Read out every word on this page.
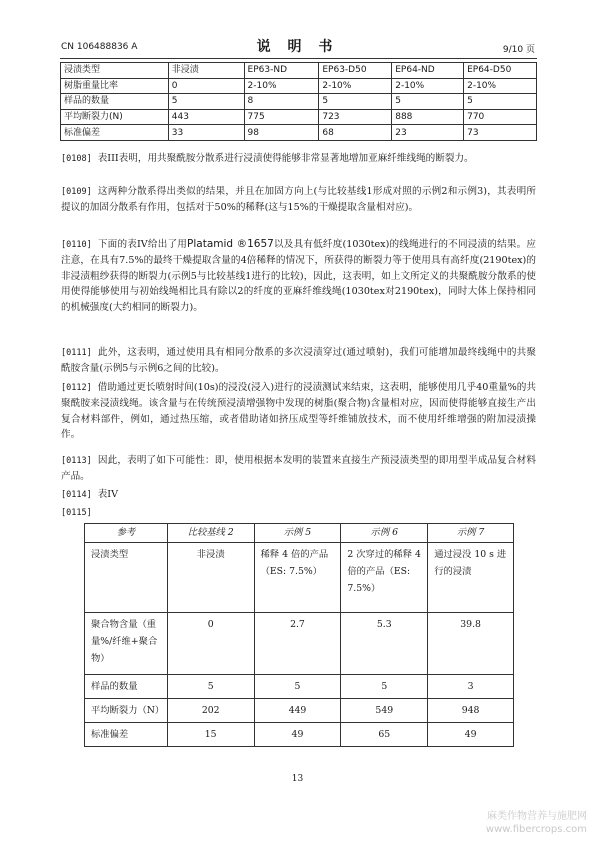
CN 106488836 A	说 明 书	9/10 页
浸渍类型	非浸渍	EP63-ND	EP63-D50	EP64-ND	EP64-D50
树脂重量比率	0	2-10%	2-10%	2-10%	2-10%
样品的数量	5	8	5	5	5
平均断裂力(N)	443	775	723	888	770
标准偏差	33	98	68	23	73
[0108] 表III表明，用共聚酰胺分散系进行浸渍使得能够非常显著地增加亚麻纤维线绳的断裂力。
[0109] 这两种分散系得出类似的结果，并且在加固方向上(与比较基线1形成对照的示例2和示例3)，其表明所提议的加固分散系有作用，包括对于50%的稀释(这与15%的干燥提取含量相对应)。
[0110] 下面的表IV给出了用Platamid ®1657以及具有低纤度(1030tex)的线绳进行的不同浸渍的结果。应注意，在具有7.5%的最终干燥提取含量的4倍稀释的情况下，所获得的断裂力等于使用具有高纤度(2190tex)的非浸渍粗纱获得的断裂力(示例5与比较基线1进行的比较)，因此，这表明，如上文所定义的共聚酰胺分散系的使用使得能够使用与初始线绳相比具有除以2的纤度的亚麻纤维线绳(1030tex对2190tex)，同时大体上保持相同的机械强度(大约相同的断裂力)。
[0111] 此外，这表明，通过使用具有相同分散系的多次浸渍穿过(通过喷射)，我们可能增加最终线绳中的共聚酰胺含量(示例5与示例6之间的比较)。
[0112] 借助通过更长喷射时间(10s)的浸没(浸入)进行的浸渍测试来结束，这表明，能够使用几乎40重量%的共聚酰胺来浸渍线绳。该含量与在传统预浸渍增强物中发现的树脂(聚合物)含量相对应，因而使得能够直接生产出复合材料部件，例如，通过热压缩，或者借助诸如挤压成型等纤维铺放技术，而不使用纤维增强的附加浸渍操作。
[0113] 因此，表明了如下可能性：即，使用根据本发明的装置来直接生产预浸渍类型的即用型半成品复合材料产品。
[0114] 表IV
[0115]
参考	比较基线 2	示例 5	示例 6	示例 7
浸渍类型	非浸渍	稀释 4 倍的产品（ES: 7.5%）	2 次穿过的稀释 4 倍的产品（ES: 7.5%）	通过浸没 10 s 进行的浸渍
聚合物含量（重量%/纤维+聚合物）	0	2.7	5.3	39.8
样品的数量	5	5	5	3
平均断裂力（N）	202	449	549	948
标准偏差	15	49	65	49
13
麻类作物营养与施肥网
www.fibercrops.com
